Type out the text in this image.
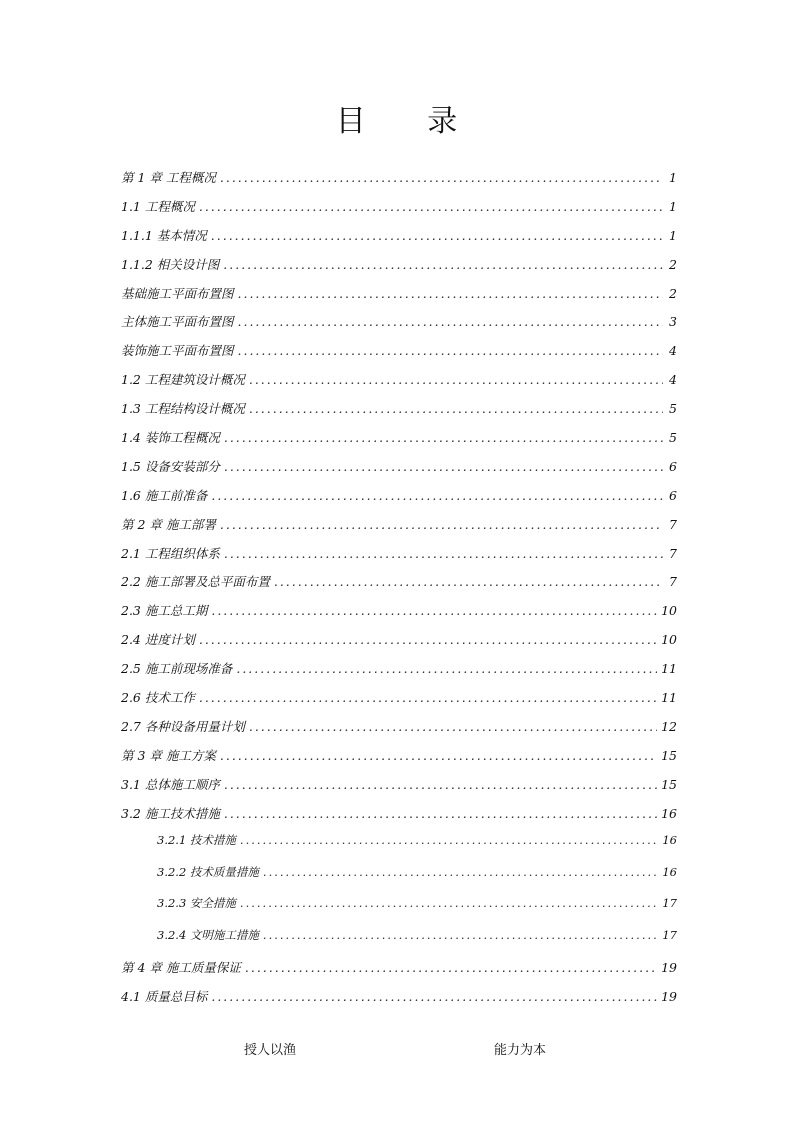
目 录
第 1 章 工程概况 .....	1
1.1 工程概况 .....	1
1.1.1 基本情况 .....	1
1.1.2 相关设计图 .....	2
基础施工平面布置图 .....	2
主体施工平面布置图 .....	3
装饰施工平面布置图 .....	4
1.2 工程建筑设计概况 .....	4
1.3 工程结构设计概况 .....	5
1.4 装饰工程概况 .....	5
1.5 设备安装部分 .....	6
1.6 施工前准备 .....	6
第 2 章 施工部署 .....	7
2.1 工程组织体系 .....	7
2.2 施工部署及总平面布置 .....	7
2.3 施工总工期 .....	10
2.4 进度计划 .....	10
2.5 施工前现场准备 .....	11
2.6 技术工作 .....	11
2.7 各种设备用量计划 .....	12
第 3 章 施工方案 .....	15
3.1 总体施工顺序 .....	15
3.2 施工技术措施 .....	16
3.2.1 技术措施 .....	16
3.2.2 技术质量措施 .....	16
3.2.3 安全措施 .....	17
3.2.4 文明施工措施 .....	17
第 4 章 施工质量保证 .....	19
4.1 质量总目标 .....	19
授人以渔	能力为本
